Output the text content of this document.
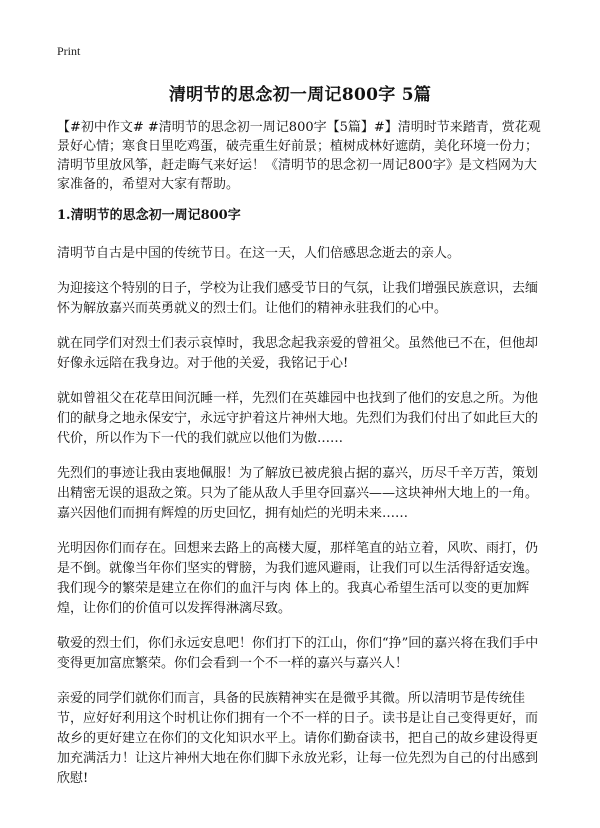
Print
清明节的思念初一周记800字 5篇

【#初中作文# #清明节的思念初一周记800字【5篇】#】清明时节来踏青，赏花观景好心情；寒食日里吃鸡蛋，破壳重生好前景；植树成林好遮荫，美化环境一份力；清明节里放风筝，赶走晦气来好运！《清明节的思念初一周记800字》是文档网为大家准备的，希望对大家有帮助。

1.清明节的思念初一周记800字

清明节自古是中国的传统节日。在这一天，人们倍感思念逝去的亲人。

为迎接这个特别的日子，学校为让我们感受节日的气氛，让我们增强民族意识，去缅怀为解放嘉兴而英勇就义的烈士们。让他们的精神永驻我们的心中。

就在同学们对烈士们表示哀悼时，我思念起我亲爱的曾祖父。虽然他已不在，但他却好像永远陪在我身边。对于他的关爱，我铭记于心!

就如曾祖父在花草田间沉睡一样，先烈们在英雄园中也找到了他们的安息之所。为他们的献身之地永保安宁，永远守护着这片神州大地。先烈们为我们付出了如此巨大的代价，所以作为下一代的我们就应以他们为傲……

先烈们的事迹让我由衷地佩服！为了解放已被虎狼占据的嘉兴，历尽千辛万苦，策划出精密无误的退敌之策。只为了能从敌人手里夺回嘉兴——这块神州大地上的一角。嘉兴因他们而拥有辉煌的历史回忆，拥有灿烂的光明未来……

光明因你们而存在。回想来去路上的高楼大厦，那样笔直的站立着，风吹、雨打，仍是不倒。就像当年你们坚实的臂膀，为我们遮风避雨，让我们可以生活得舒适安逸。我们现今的繁荣是建立在你们的血汗与肉 体上的。我真心希望生活可以变的更加辉煌，让你们的价值可以发挥得淋漓尽致。

敬爱的烈士们，你们永远安息吧！你们打下的江山，你们“挣”回的嘉兴将在我们手中变得更加富庶繁荣。你们会看到一个不一样的嘉兴与嘉兴人！

亲爱的同学们就你们而言，具备的民族精神实在是微乎其微。所以清明节是传统佳节，应好好利用这个时机让你们拥有一个不一样的日子。读书是让自己变得更好，而故乡的更好建立在你们的文化知识水平上。请你们勤奋读书，把自己的故乡建设得更加充满活力！让这片神州大地在你们脚下永放光彩，让每一位先烈为自己的付出感到欣慰!
